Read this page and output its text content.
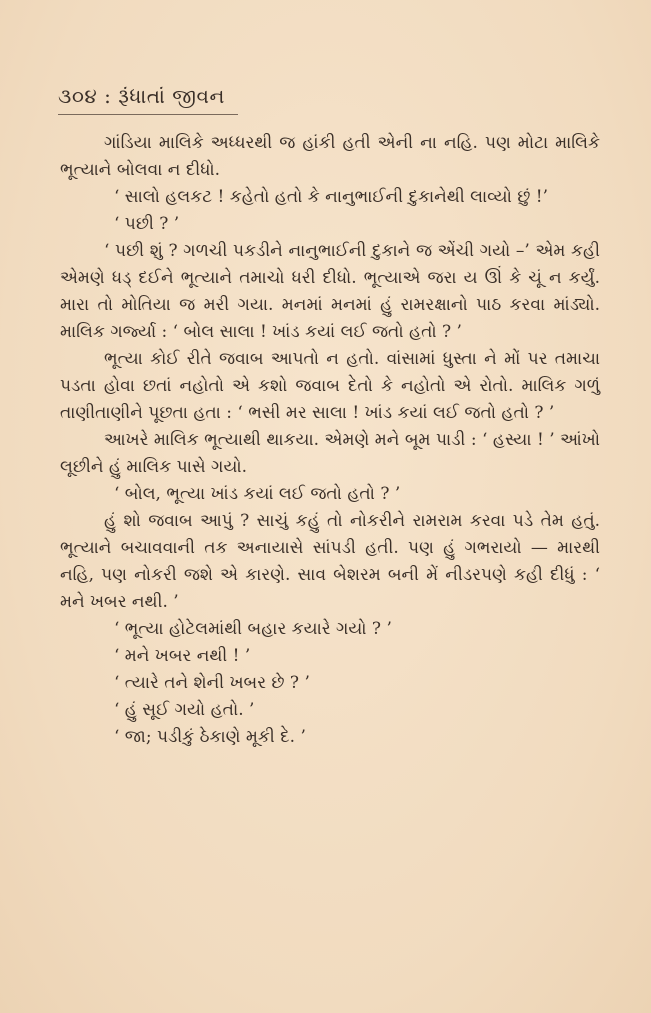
૩૦૪ : રૂંધાતાં જીવન

ગાંડિયા માલિકે અધ્ધરથી જ હાંકી હતી એની ના નહિ. પણ મોટા માલિકે ભૂત્યાને બોલવા ન દીધો.

‘ સાલો હલકટ ! કહેતો હતો કે નાનુભાઈની દુકાનેથી લાવ્યો છું !’

‘ પછી ? ’

‘ પછી શું ? ગળચી પકડીને નાનુભાઈની દુકાને જ એંચી ગયો –’ એમ કહી એમણે ધડ્ દઈને ભૂત્યાને તમાચો ધરી દીધો. ભૂત્યાએ જરા ય ઊં કે ચૂં ન કર્યું. મારા તો મોતિયા જ મરી ગયા. મનમાં મનમાં હું રામરક્ષાનો પાઠ કરવા માંડ્યો. માલિક ગર્જ્યા : ‘ બોલ સાલા ! ખાંડ કયાં લઈ જતો હતો ? ’

ભૂત્યા કોઈ રીતે જવાબ આપતો ન હતો. વાંસામાં ધુસ્તા ને મોં પર તમાચા પડતા હોવા છતાં નહોતો એ કશો જવાબ દેતો કે નહોતો એ રોતો. માલિક ગળું તાણીતાણીને પૂછતા હતા : ‘ ભસી મર સાલા ! ખાંડ કયાં લઈ જતો હતો ? ’

આખરે માલિક ભૂત્યાથી થાકયા. એમણે મને બૂમ પાડી : ‘ હસ્યા ! ’ આંખો લૂછીને હું માલિક પાસે ગયો.

‘ બોલ, ભૂત્યા ખાંડ કયાં લઈ જતો હતો ? ’

હું શો જવાબ આપું ? સાચું કહું તો નોકરીને રામરામ કરવા પડે તેમ હતું. ભૂત્યાને બચાવવાની તક અનાયાસે સાંપડી હતી. પણ હું ગભરાયો — મારથી નહિ, પણ નોકરી જશે એ કારણે. સાવ બેશરમ બની મેં નીડરપણે કહી દીધું : ‘ મને ખબર નથી. ’

‘ ભૂત્યા હોટેલમાંથી બહાર કયારે ગયો ? ’

‘ મને ખબર નથી ! ’

‘ ત્યારે તને શેની ખબર છે ? ’

‘ હું સૂઈ ગયો હતો. ’

‘ જા; પડીકું ઠેકાણે મૂકી દે. ’
